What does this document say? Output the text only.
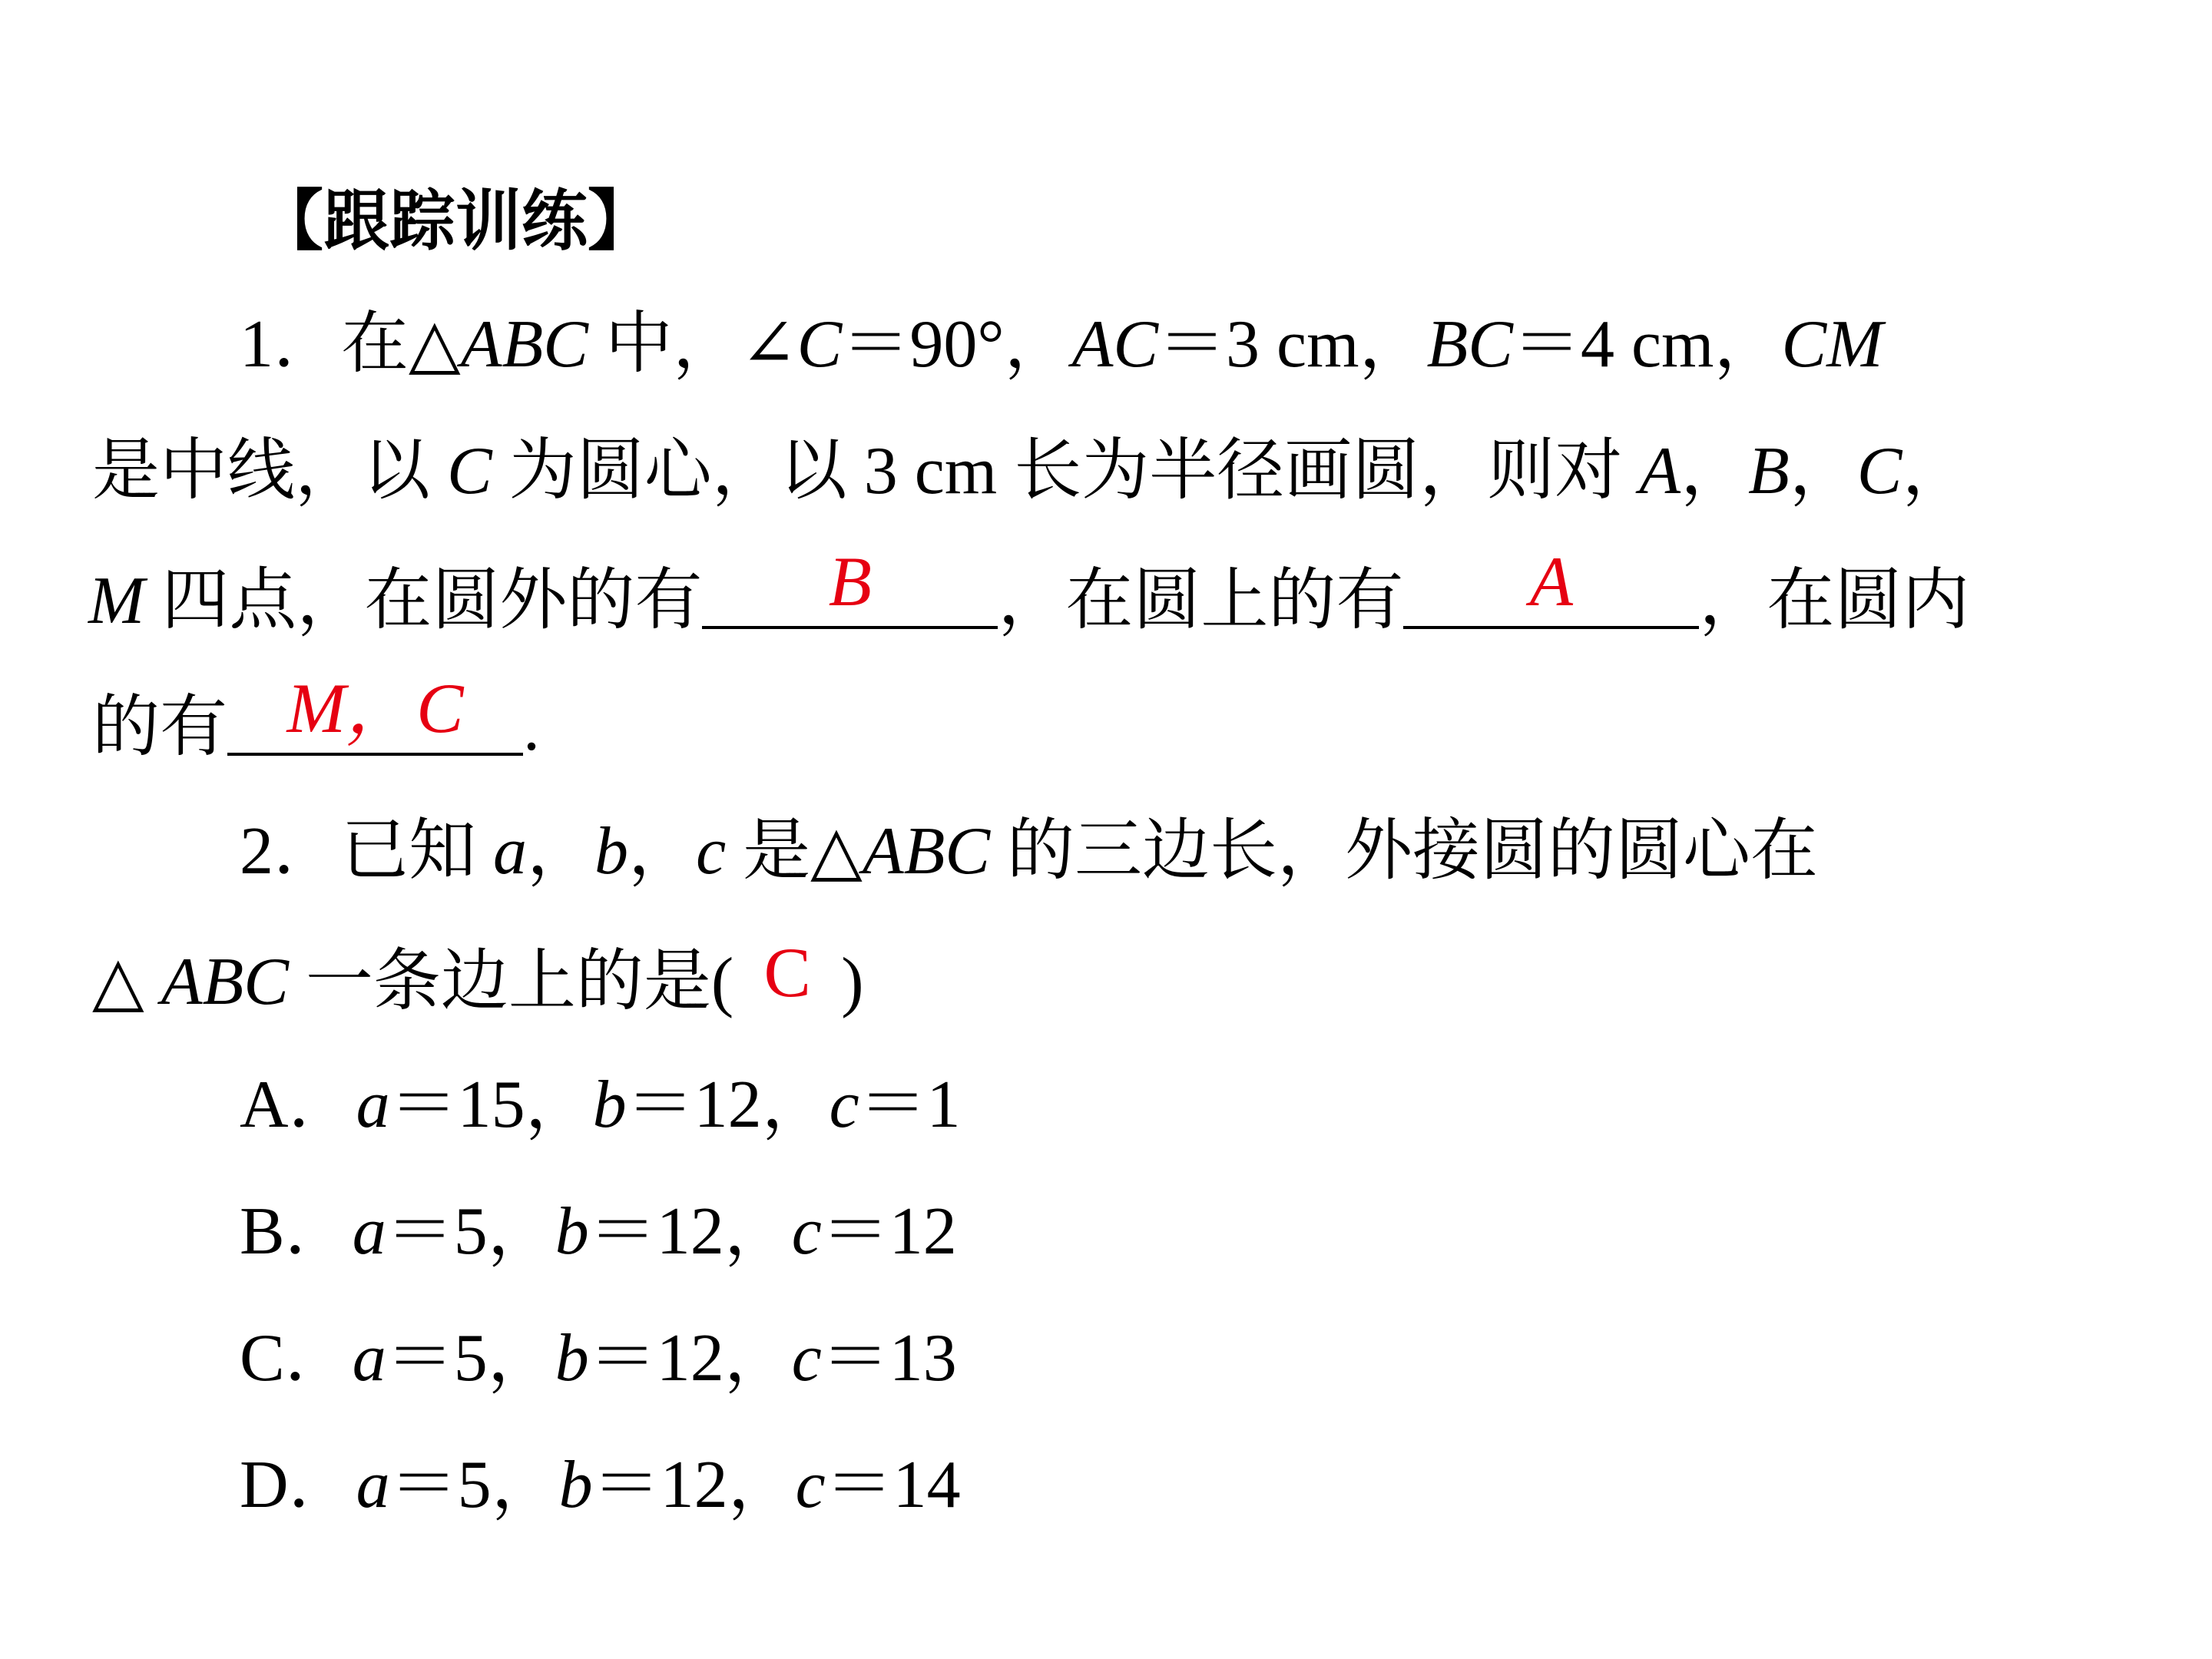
【跟踪训练】
1．在△ABC 中，∠C＝90°，AC＝3 cm，BC＝4 cm，CM
是中线，以 C 为圆心，以 3 cm 长为半径画圆，则对 A，B，C，
M 四点，在圆外的有	B	，在圆上的有	A	，在圆内
的有 M，C .
2．已知 a，b，c 是△ABC 的三边长，外接圆的圆心在
△ ABC 一条边上的是( C )
A．a＝15，b＝12，c＝1
B．a＝5，b＝12，c＝12
C．a＝5，b＝12，c＝13
D．a＝5，b＝12，c＝14
